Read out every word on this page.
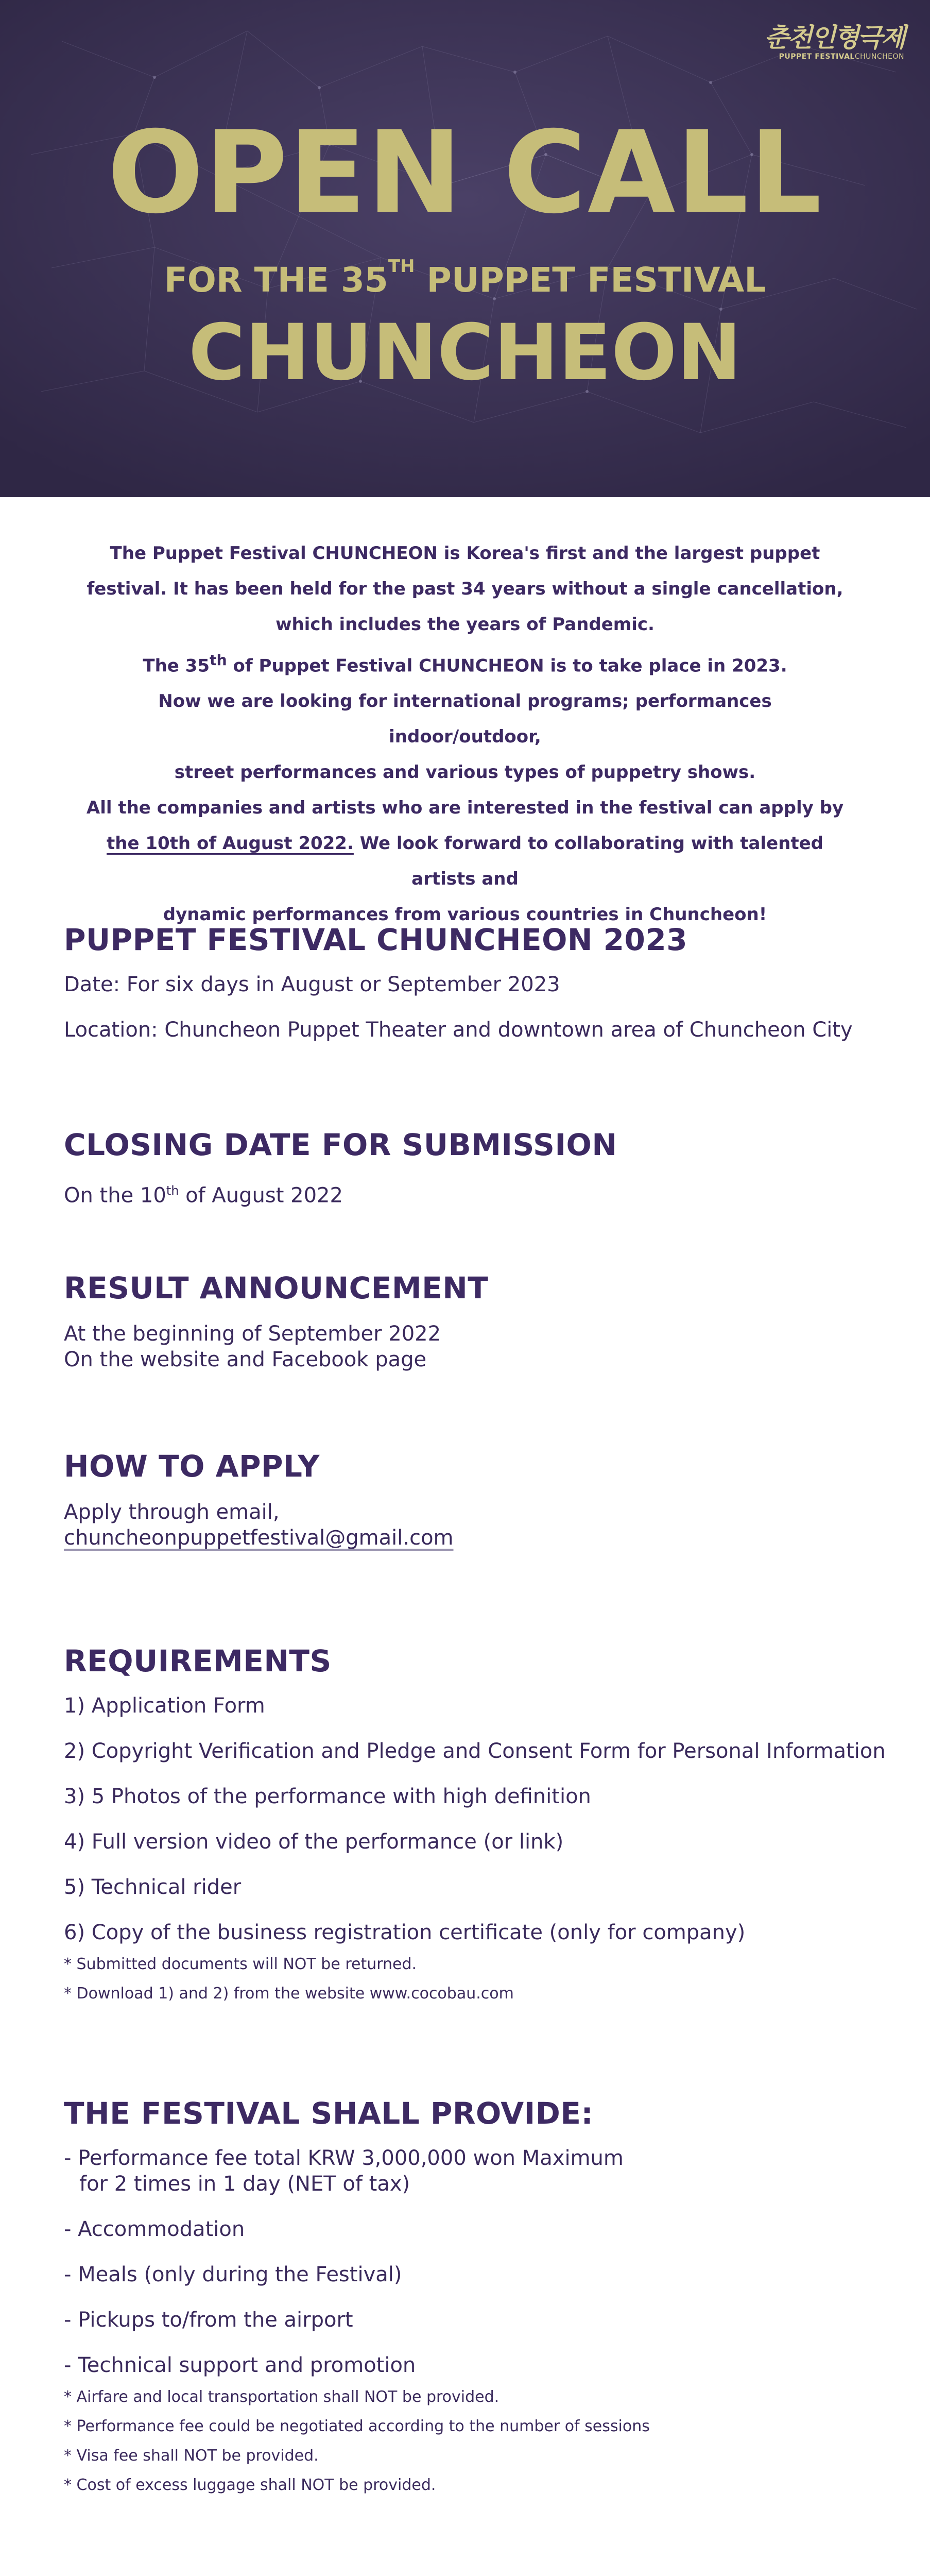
춘천인형극제
PUPPET FESTIVALCHUNCHEON
OPEN CALL
FOR THE 35TH PUPPET FESTIVAL
CHUNCHEON

The Puppet Festival CHUNCHEON is Korea's first and the largest puppet

festival. It has been held for the past 34 years without a single cancellation,

which includes the years of Pandemic.

The 35th of Puppet Festival CHUNCHEON is to take place in 2023.

Now we are looking for international programs; performances indoor/outdoor,

street performances and various types of puppetry shows.

All the companies and artists who are interested in the festival can apply by

the 10th of August 2022. We look forward to collaborating with talented artists and

dynamic performances from various countries in Chuncheon!

PUPPET FESTIVAL CHUNCHEON 2023
Date: For six days in August or September 2023
Location: Chuncheon Puppet Theater and downtown area of Chuncheon City
CLOSING DATE FOR SUBMISSION
On the 10th of August 2022
RESULT ANNOUNCEMENT
At the beginning of September 2022
On the website and Facebook page
HOW TO APPLY
Apply through email,
chuncheonpuppetfestival@gmail.com
REQUIREMENTS
1) Application Form
2) Copyright Verification and Pledge and Consent Form for Personal Information
3) 5 Photos of the performance with high definition
4) Full version video of the performance (or link)
5) Technical rider
6) Copy of the business registration certificate (only for company)
* Submitted documents will NOT be returned.
* Download 1) and 2) from the website www.cocobau.com
THE FESTIVAL SHALL PROVIDE:
- Performance fee total KRW 3,000,000 won Maximum
for 2 times in 1 day (NET of tax)
- Accommodation
- Meals (only during the Festival)
- Pickups to/from the airport
- Technical support and promotion
* Airfare and local transportation shall NOT be provided.
* Performance fee could be negotiated according to the number of sessions
* Visa fee shall NOT be provided.
* Cost of excess luggage shall NOT be provided.
